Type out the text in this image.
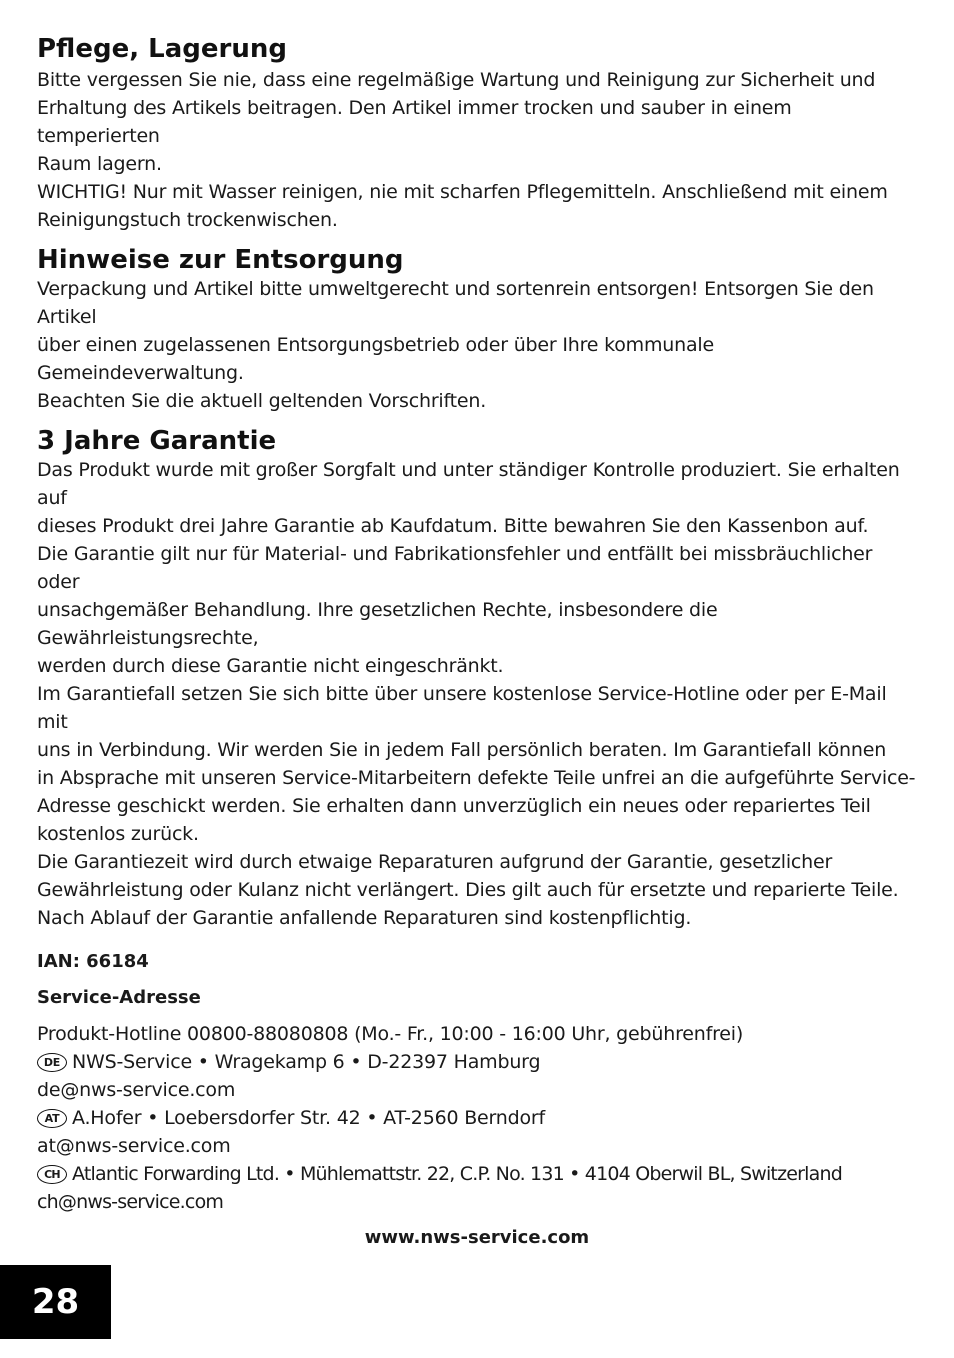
Pflege, Lagerung

Bitte vergessen Sie nie, dass eine regelmäßige Wartung und Reinigung zur Sicherheit und
Erhaltung des Artikels beitragen. Den Artikel immer trocken und sauber in einem temperierten
Raum lagern.

WICHTIG! Nur mit Wasser reinigen, nie mit scharfen Pflegemitteln. Anschließend mit einem
Reinigungstuch trockenwischen.

Hinweise zur Entsorgung

Verpackung und Artikel bitte umweltgerecht und sortenrein entsorgen! Entsorgen Sie den Artikel
über einen zugelassenen Entsorgungsbetrieb oder über Ihre kommunale Gemeindeverwaltung.
Beachten Sie die aktuell geltenden Vorschriften.

3 Jahre Garantie

Das Produkt wurde mit großer Sorgfalt und unter ständiger Kontrolle produziert. Sie erhalten auf
dieses Produkt drei Jahre Garantie ab Kaufdatum. Bitte bewahren Sie den Kassenbon auf.

Die Garantie gilt nur für Material- und Fabrikationsfehler und entfällt bei missbräuchlicher oder
unsachgemäßer Behandlung. Ihre gesetzlichen Rechte, insbesondere die Gewährleistungsrechte,
werden durch diese Garantie nicht eingeschränkt.

Im Garantiefall setzen Sie sich bitte über unsere kostenlose Service-Hotline oder per E-Mail mit
uns in Verbindung. Wir werden Sie in jedem Fall persönlich beraten. Im Garantiefall können
in Absprache mit unseren Service-Mitarbeitern defekte Teile unfrei an die aufgeführte Service-
Adresse geschickt werden. Sie erhalten dann unverzüglich ein neues oder repariertes Teil
kostenlos zurück.

Die Garantiezeit wird durch etwaige Reparaturen aufgrund der Garantie, gesetzlicher
Gewährleistung oder Kulanz nicht verlängert. Dies gilt auch für ersetzte und reparierte Teile.
Nach Ablauf der Garantie anfallende Reparaturen sind kostenpflichtig.

IAN: 66184
Service-Adresse
Produkt-Hotline 00800-88080808 (Mo.- Fr., 10:00 - 16:00 Uhr, gebührenfrei)
DE NWS-Service • Wragekamp 6 • D-22397 Hamburg
de@nws-service.com
AT A.Hofer • Loebersdorfer Str. 42 • AT-2560 Berndorf
at@nws-service.com
CH Atlantic Forwarding Ltd. • Mühlemattstr. 22, C.P. No. 131 • 4104 Oberwil BL, Switzerland
ch@nws-service.com
www.nws-service.com
28
